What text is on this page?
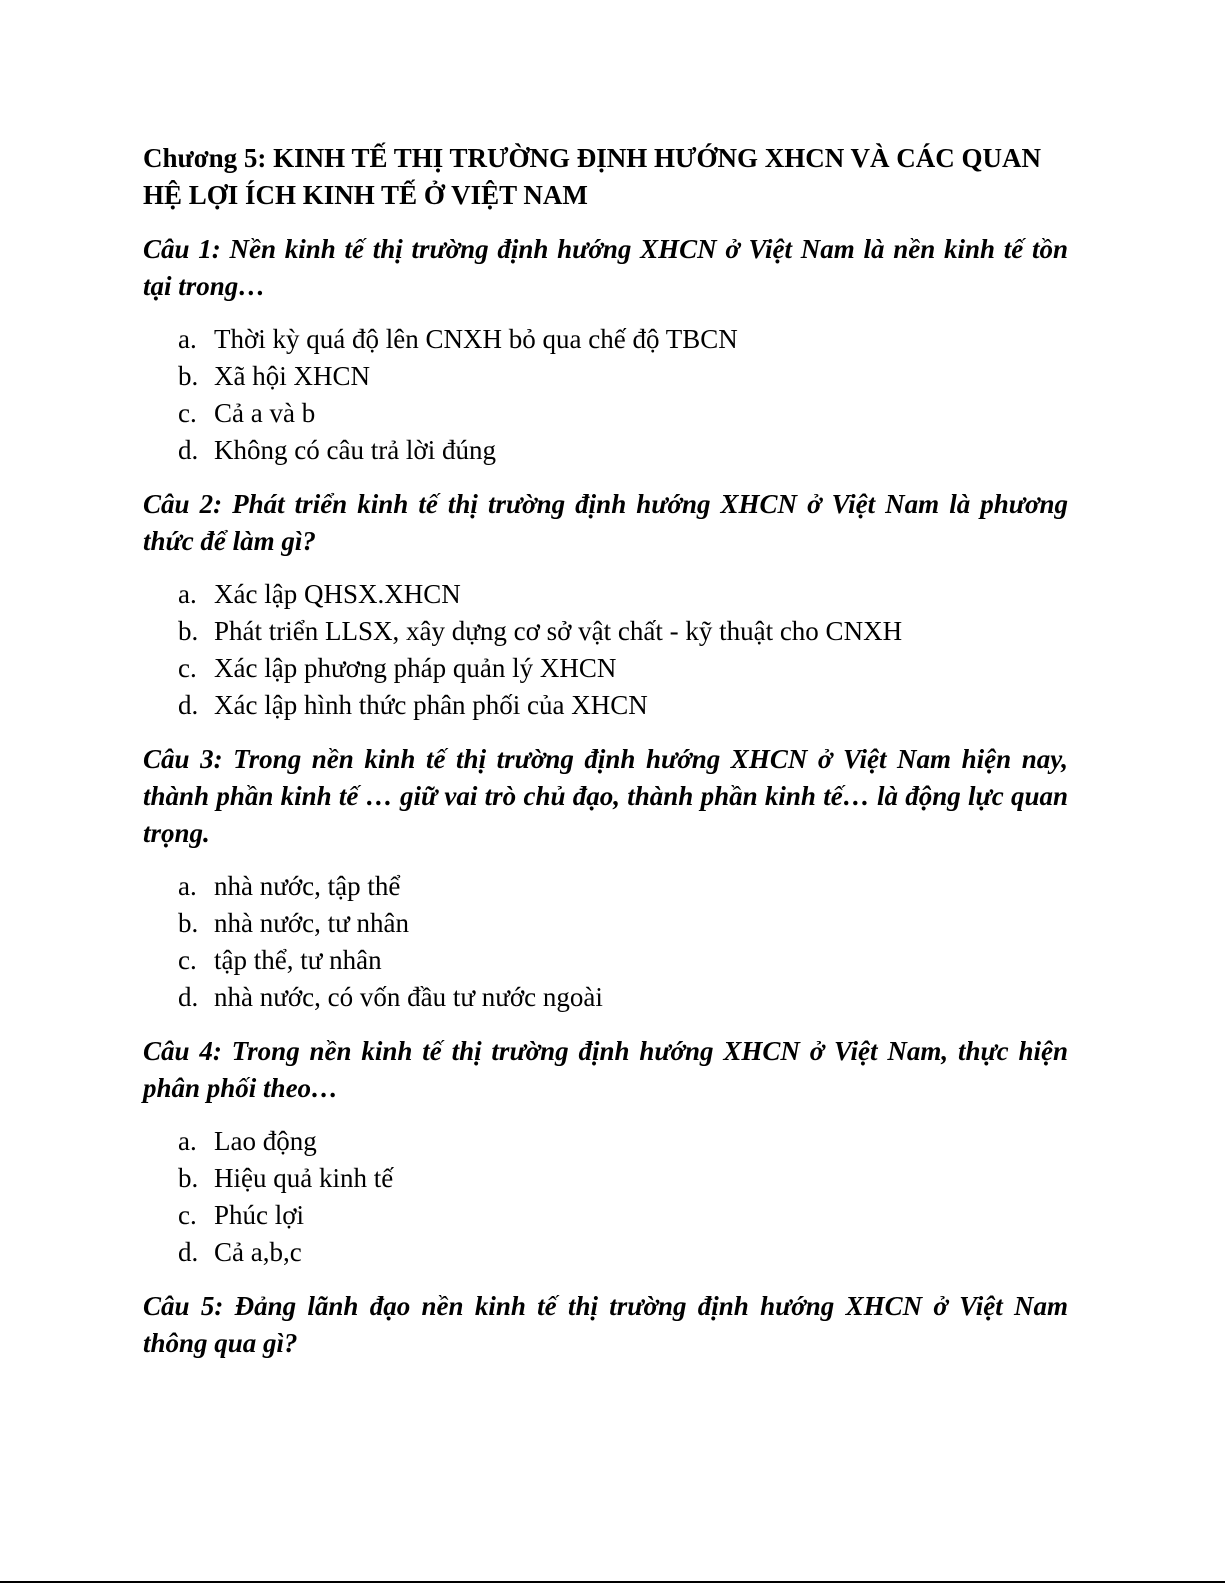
Chương 5: KINH TẾ THỊ TRƯỜNG ĐỊNH HƯỚNG XHCN VÀ CÁC QUAN HỆ LỢI ÍCH KINH TẾ Ở VIỆT NAM

Câu 1: Nền kinh tế thị trường định hướng XHCN ở Việt Nam là nền kinh tế tồn tại trong…

a. Thời kỳ quá độ lên CNXH bỏ qua chế độ TBCN
b. Xã hội XHCN
c. Cả a và b
d. Không có câu trả lời đúng

Câu 2: Phát triển kinh tế thị trường định hướng XHCN ở Việt Nam là phương thức để làm gì?

a. Xác lập QHSX.XHCN
b. Phát triển LLSX, xây dựng cơ sở vật chất - kỹ thuật cho CNXH
c. Xác lập phương pháp quản lý XHCN
d. Xác lập hình thức phân phối của XHCN

Câu 3: Trong nền kinh tế thị trường định hướng XHCN ở Việt Nam hiện nay, thành phần kinh tế … giữ vai trò chủ đạo, thành phần kinh tế… là động lực quan trọng.

a. nhà nước, tập thể
b. nhà nước, tư nhân
c. tập thể, tư nhân
d. nhà nước, có vốn đầu tư nước ngoài

Câu 4: Trong nền kinh tế thị trường định hướng XHCN ở Việt Nam, thực hiện phân phối theo…

a. Lao động
b. Hiệu quả kinh tế
c. Phúc lợi
d. Cả a,b,c

Câu 5: Đảng lãnh đạo nền kinh tế thị trường định hướng XHCN ở Việt Nam thông qua gì?
